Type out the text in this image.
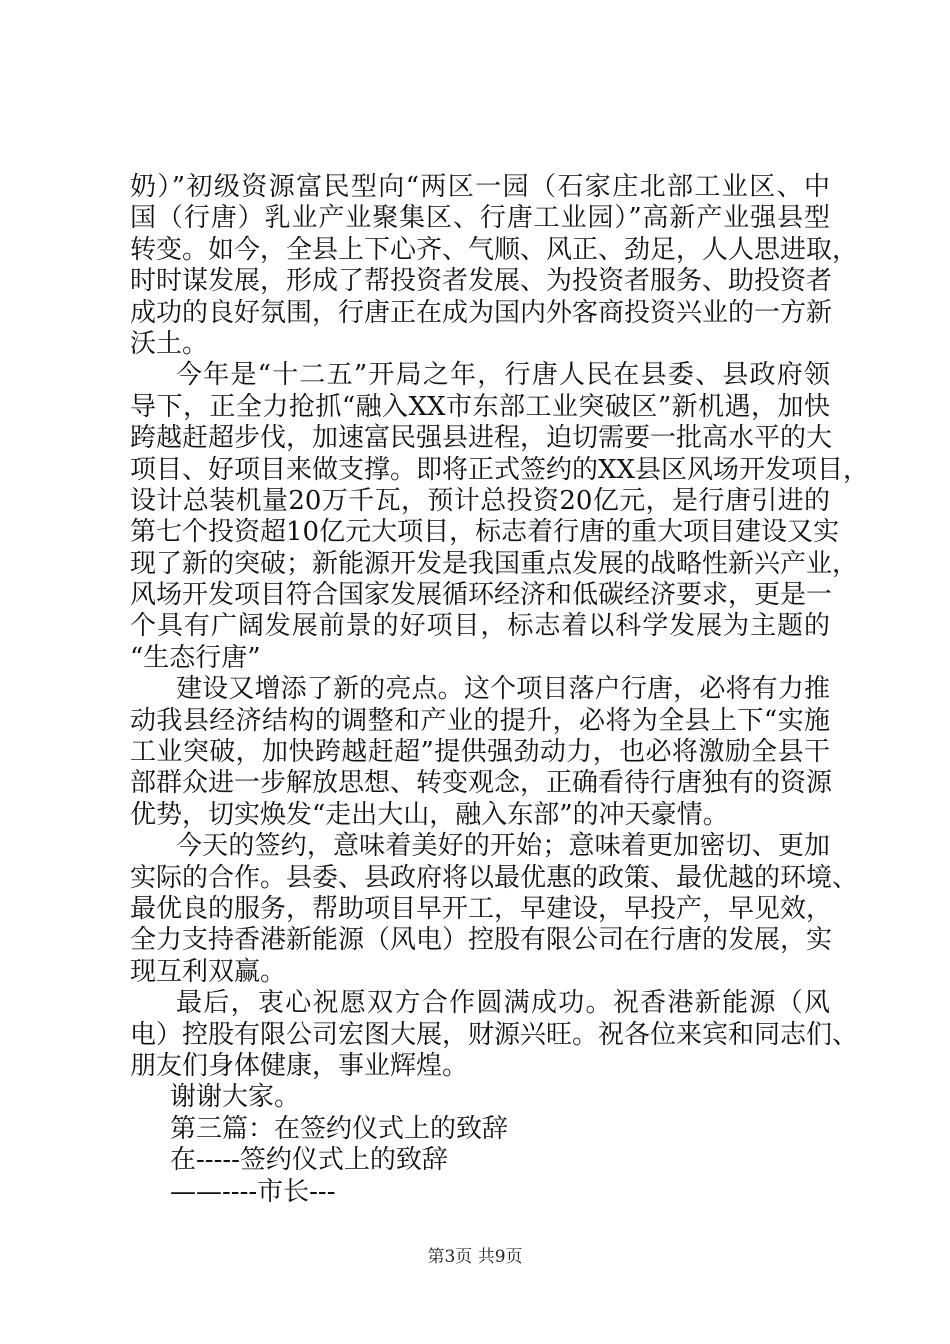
奶）”初级资源富民型向“两区一园（石家庄北部工业区、中
国（行唐）乳业产业聚集区、行唐工业园）”高新产业强县型
转变。如今，全县上下心齐、气顺、风正、劲足，人人思进取，
时时谋发展，形成了帮投资者发展、为投资者服务、助投资者
成功的良好氛围，行唐正在成为国内外客商投资兴业的一方新
沃土。
今年是“十二五”开局之年，行唐人民在县委、县政府领
导下，正全力抢抓“融入XX市东部工业突破区”新机遇，加快
跨越赶超步伐，加速富民强县进程，迫切需要一批高水平的大
项目、好项目来做支撑。即将正式签约的XX县区风场开发项目，
设计总装机量20万千瓦，预计总投资20亿元，是行唐引进的
第七个投资超10亿元大项目，标志着行唐的重大项目建设又实
现了新的突破；新能源开发是我国重点发展的战略性新兴产业，
风场开发项目符合国家发展循环经济和低碳经济要求，更是一
个具有广阔发展前景的好项目，标志着以科学发展为主题的
“生态行唐”
建设又增添了新的亮点。这个项目落户行唐，必将有力推
动我县经济结构的调整和产业的提升，必将为全县上下“实施
工业突破，加快跨越赶超”提供强劲动力，也必将激励全县干
部群众进一步解放思想、转变观念，正确看待行唐独有的资源
优势，切实焕发“走出大山，融入东部”的冲天豪情。
今天的签约，意味着美好的开始；意味着更加密切、更加
实际的合作。县委、县政府将以最优惠的政策、最优越的环境、
最优良的服务，帮助项目早开工，早建设，早投产，早见效，
全力支持香港新能源（风电）控股有限公司在行唐的发展，实
现互利双赢。
最后，衷心祝愿双方合作圆满成功。祝香港新能源（风
电）控股有限公司宏图大展，财源兴旺。祝各位来宾和同志们、
朋友们身体健康，事业辉煌。
谢谢大家。
第三篇：在签约仪式上的致辞
在-----签约仪式上的致辞
——----市长---
第3页 共9页
